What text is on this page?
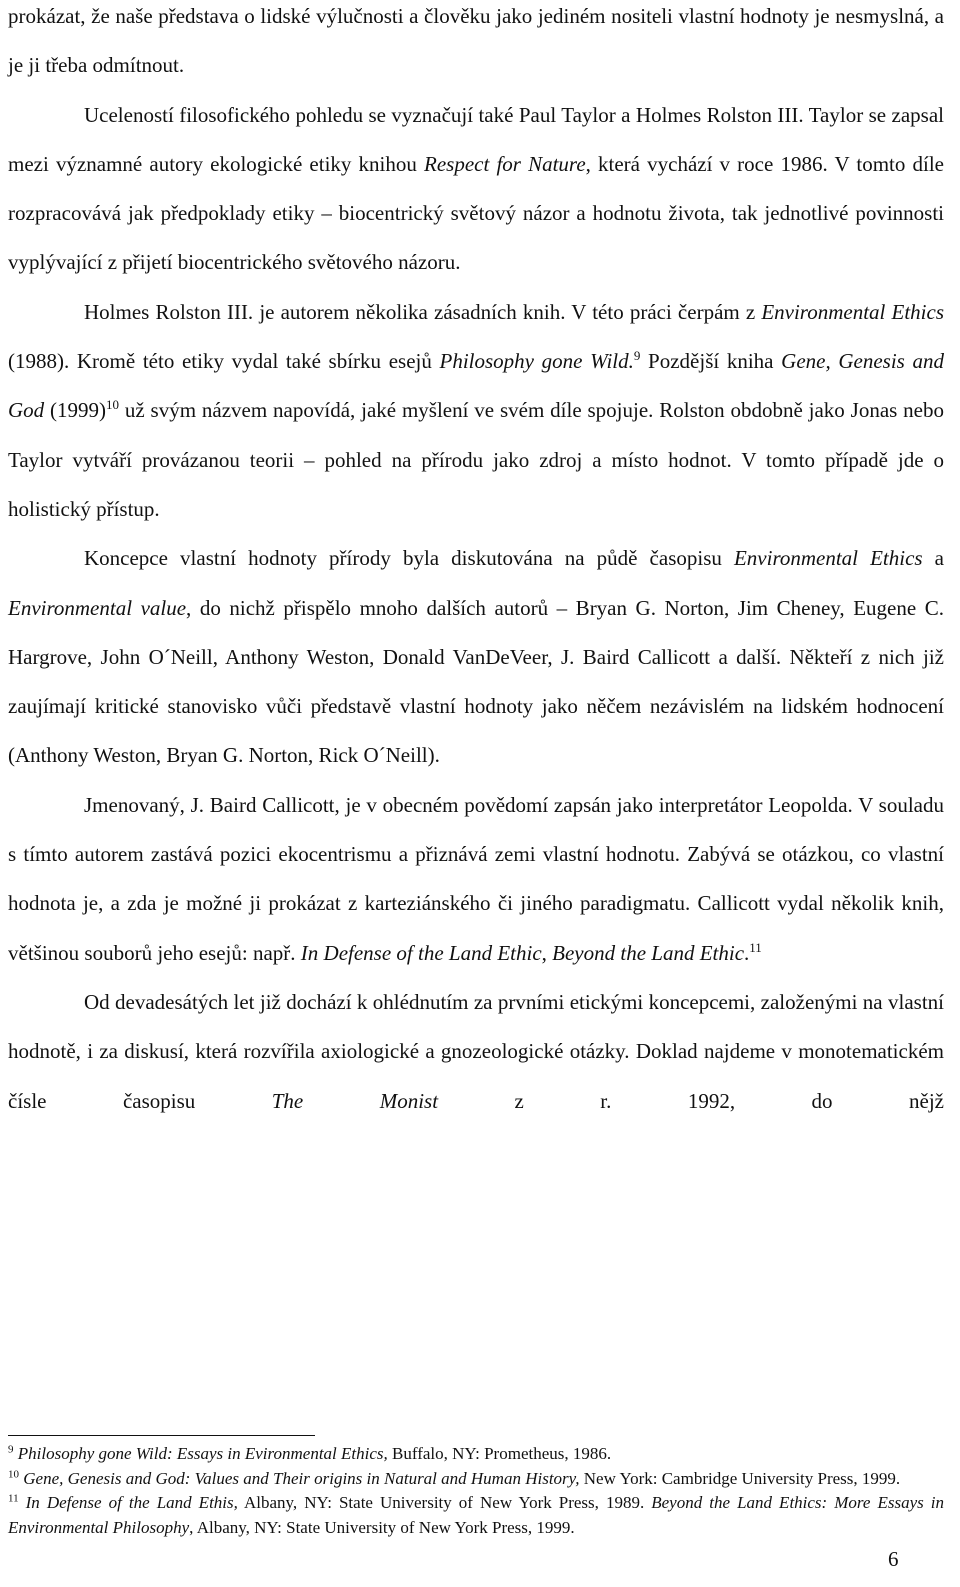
prokázat, že naše představa o lidské výlučnosti a člověku jako jediném nositeli vlastní hodnoty je nesmyslná, a je ji třeba odmítnout.

Uceleností filosofického pohledu se vyznačují také Paul Taylor a Holmes Rolston III. Taylor se zapsal mezi významné autory ekologické etiky knihou Respect for Nature, která vychází v roce 1986. V tomto díle rozpracovává jak předpoklady etiky – biocentrický světový názor a hodnotu života, tak jednotlivé povinnosti vyplývající z přijetí biocentrického světového názoru.

Holmes Rolston III. je autorem několika zásadních knih. V této práci čerpám z Environmental Ethics (1988). Kromě této etiky vydal také sbírku esejů Philosophy gone Wild.$^9$ Pozdější kniha Gene, Genesis and God $(1999)^{10}$ už svým názvem napovídá, jaké myšlení ve svém díle spojuje. Rolston obdobně jako Jonas nebo Taylor vytváří provázanou teorii – pohled na přírodu jako zdroj a místo hodnot. V tomto případě jde o holistický přístup.

Koncepce vlastní hodnoty přírody byla diskutována na půdě časopisu Environmental Ethics a Environmental value, do nichž přispělo mnoho dalších autorů – Bryan G. Norton, Jim Cheney, Eugene C. Hargrove, John O´Neill, Anthony Weston, Donald VanDeVeer, J. Baird Callicott a další. Někteří z nich již zaujímají kritické stanovisko vůči představě vlastní hodnoty jako něčem nezávislém na lidském hodnocení (Anthony Weston, Bryan G. Norton, Rick O´Neill).

Jmenovaný, J. Baird Callicott, je v obecném povědomí zapsán jako interpretátor Leopolda. V souladu s tímto autorem zastává pozici ekocentrismu a přiznává zemi vlastní hodnotu. Zabývá se otázkou, co vlastní hodnota je, a zda je možné ji prokázat z karteziánského či jiného paradigmatu. Callicott vydal několik knih, většinou souborů jeho esejů: např. In Defense of the Land Ethic, Beyond the Land Ethic.$^{11}$

Od devadesátých let již dochází k ohlédnutím za prvními etickými koncepcemi, založenými na vlastní hodnotě, i za diskusí, která rozvířila axiologické a gnozeologické otázky. Doklad najdeme v monotematickém čísle časopisu The Monist z r. 1992, do nějž

$^9$ Philosophy gone Wild: Essays in Evironmental Ethics, Buffalo, NY: Prometheus, 1986.

$^{10}$ Gene, Genesis and God: Values and Their origins in Natural and Human History, New York: Cambridge University Press, 1999.

$^{11}$ In Defense of the Land Ethis, Albany, NY: State University of New York Press, 1989. Beyond the Land Ethics: More Essays in Environmental Philosophy, Albany, NY: State University of New York Press, 1999.

6
